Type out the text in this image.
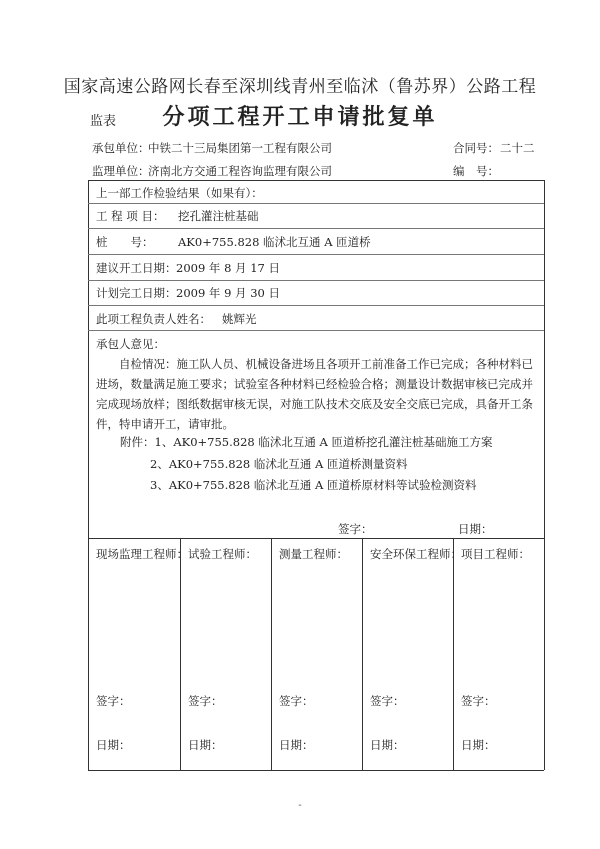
国家高速公路网长春至深圳线青州至临沭（鲁苏界）公路工程
监表	分项工程开工申请批复单
承包单位：
中铁二十三局集团第一工程有限公司	合同号： 二十二
监理单位：
济南北方交通工程咨询监理有限公司	编　号：
上一部工作检验结果（如果有）：
工 程 项 目： 挖孔灌注桩基础
桩　　号： AK0+755.828 临沭北互通 A 匝道桥
建议开工日期： 2009 年 8 月 17 日
计划完工日期： 2009 年 9 月 30 日
此项工程负责人姓名： 姚辉光
承包人意见：
自检情况：施工队人员、机械设备进场且各项开工前准备工作已完成；各种材料已进场，数量满足施工要求；试验室各种材料已经检验合格；测量设计数据审核已完成并完成现场放样；图纸数据审核无误，对施工队技术交底及安全交底已完成，具备开工条件，特申请开工，请审批。
附件：1、AK0+755.828 临沭北互通 A 匝道桥挖孔灌注桩基础施工方案
2、AK0+755.828 临沭北互通 A 匝道桥测量资料
3、AK0+755.828 临沭北互通 A 匝道桥原材料等试验检测资料
签字：	日期：
现场监理工程师： 试验工程师： 测量工程师： 安全环保工程师： 项目工程师：
签字：	签字：	签字：	签字：	签字：
日期：	日期：	日期：	日期：	日期：
-
